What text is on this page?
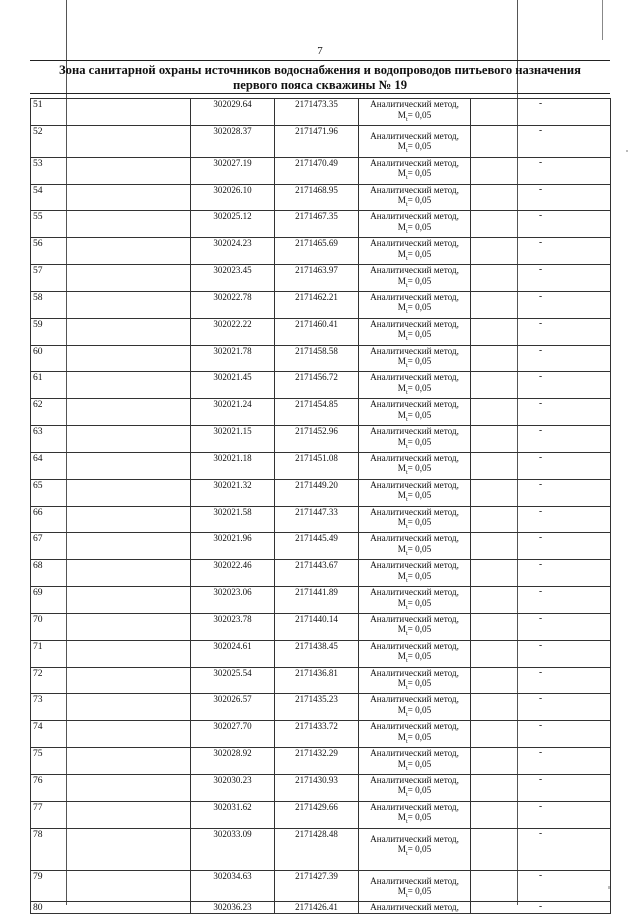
7
Зона санитарной охраны источников водоснабжения и водопроводов питьевого назначения
первого пояса скважины № 19
51	302029.64	2171473.35	Аналитический метод,
$M_t= 0,05$	-
52	302028.37	2171471.96	Аналитический метод,
$M_t= 0,05$	-
53	302027.19	2171470.49	Аналитический метод,
$M_t= 0,05$	-
54	302026.10	2171468.95	Аналитический метод,
$M_t= 0,05$	-
55	302025.12	2171467.35	Аналитический метод,
$M_t= 0,05$	-
56	302024.23	2171465.69	Аналитический метод,
$M_t= 0,05$	-
57	302023.45	2171463.97	Аналитический метод,
$M_t= 0,05$	-
58	302022.78	2171462.21	Аналитический метод,
$M_t= 0,05$	-
59	302022.22	2171460.41	Аналитический метод,
$M_t= 0,05$	-
60	302021.78	2171458.58	Аналитический метод,
$M_t= 0,05$	-
61	302021.45	2171456.72	Аналитический метод,
$M_t= 0,05$	-
62	302021.24	2171454.85	Аналитический метод,
$M_t= 0,05$	-
63	302021.15	2171452.96	Аналитический метод,
$M_t= 0,05$	-
64	302021.18	2171451.08	Аналитический метод,
$M_t= 0,05$	-
65	302021.32	2171449.20	Аналитический метод,
$M_t= 0,05$	-
66	302021.58	2171447.33	Аналитический метод,
$M_t= 0,05$	-
67	302021.96	2171445.49	Аналитический метод,
$M_t= 0,05$	-
68	302022.46	2171443.67	Аналитический метод,
$M_t= 0,05$	-
69	302023.06	2171441.89	Аналитический метод,
$M_t= 0,05$	-
70	302023.78	2171440.14	Аналитический метод,
$M_t= 0,05$	-
71	302024.61	2171438.45	Аналитический метод,
$M_t= 0,05$	-
72	302025.54	2171436.81	Аналитический метод,
$M_t= 0,05$	-
73	302026.57	2171435.23	Аналитический метод,
$M_t= 0,05$	-
74	302027.70	2171433.72	Аналитический метод,
$M_t= 0,05$	-
75	302028.92	2171432.29	Аналитический метод,
$M_t= 0,05$	-
76	302030.23	2171430.93	Аналитический метод,
$M_t= 0,05$	-
77	302031.62	2171429.66	Аналитический метод,
$M_t= 0,05$	-
78	302033.09	2171428.48	Аналитический метод,
$M_t= 0,05$	-
79	302034.63	2171427.39	Аналитический метод,
$M_t= 0,05$	-
80	302036.23	2171426.41	Аналитический метод,	-
